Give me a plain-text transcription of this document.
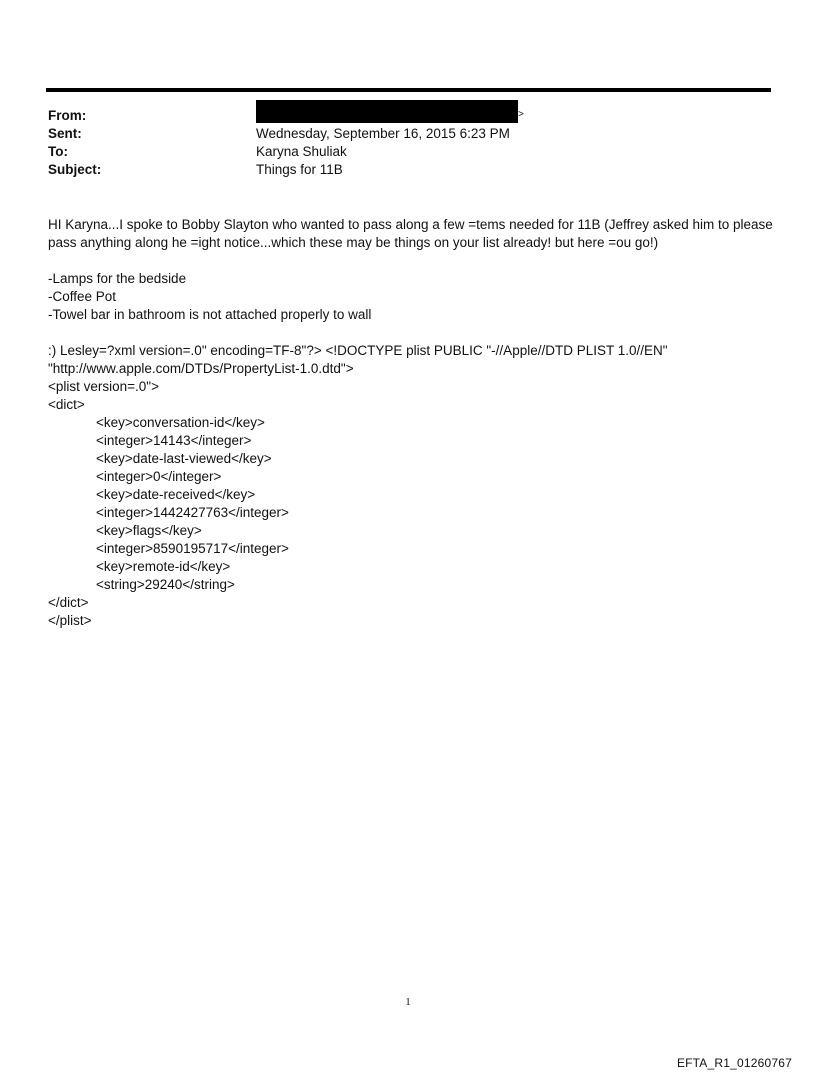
From:	>
Sent:	Wednesday, September 16, 2015 6:23 PM
To:	Karyna Shuliak
Subject:	Things for 11B

HI Karyna...I spoke to Bobby Slayton who wanted to pass along a few =tems needed for 11B (Jeffrey asked him to please pass anything along he =ight notice...which these may be things on your list already! but here =ou go!)

-Lamps for the bedside

-Coffee Pot

-Towel bar in bathroom is not attached properly to wall

:) Lesley=?xml version=.0" encoding=TF-8"?> <!DOCTYPE plist PUBLIC "-//Apple//DTD PLIST 1.0//EN"

"http://www.apple.com/DTDs/PropertyList-1.0.dtd">

<plist version=.0">

<dict>

<key>conversation-id</key>

<integer>14143</integer>

<key>date-last-viewed</key>

<integer>0</integer>

<key>date-received</key>

<integer>1442427763</integer>

<key>flags</key>

<integer>8590195717</integer>

<key>remote-id</key>

<string>29240</string>

</dict>

</plist>

1
EFTA_R1_01260767
